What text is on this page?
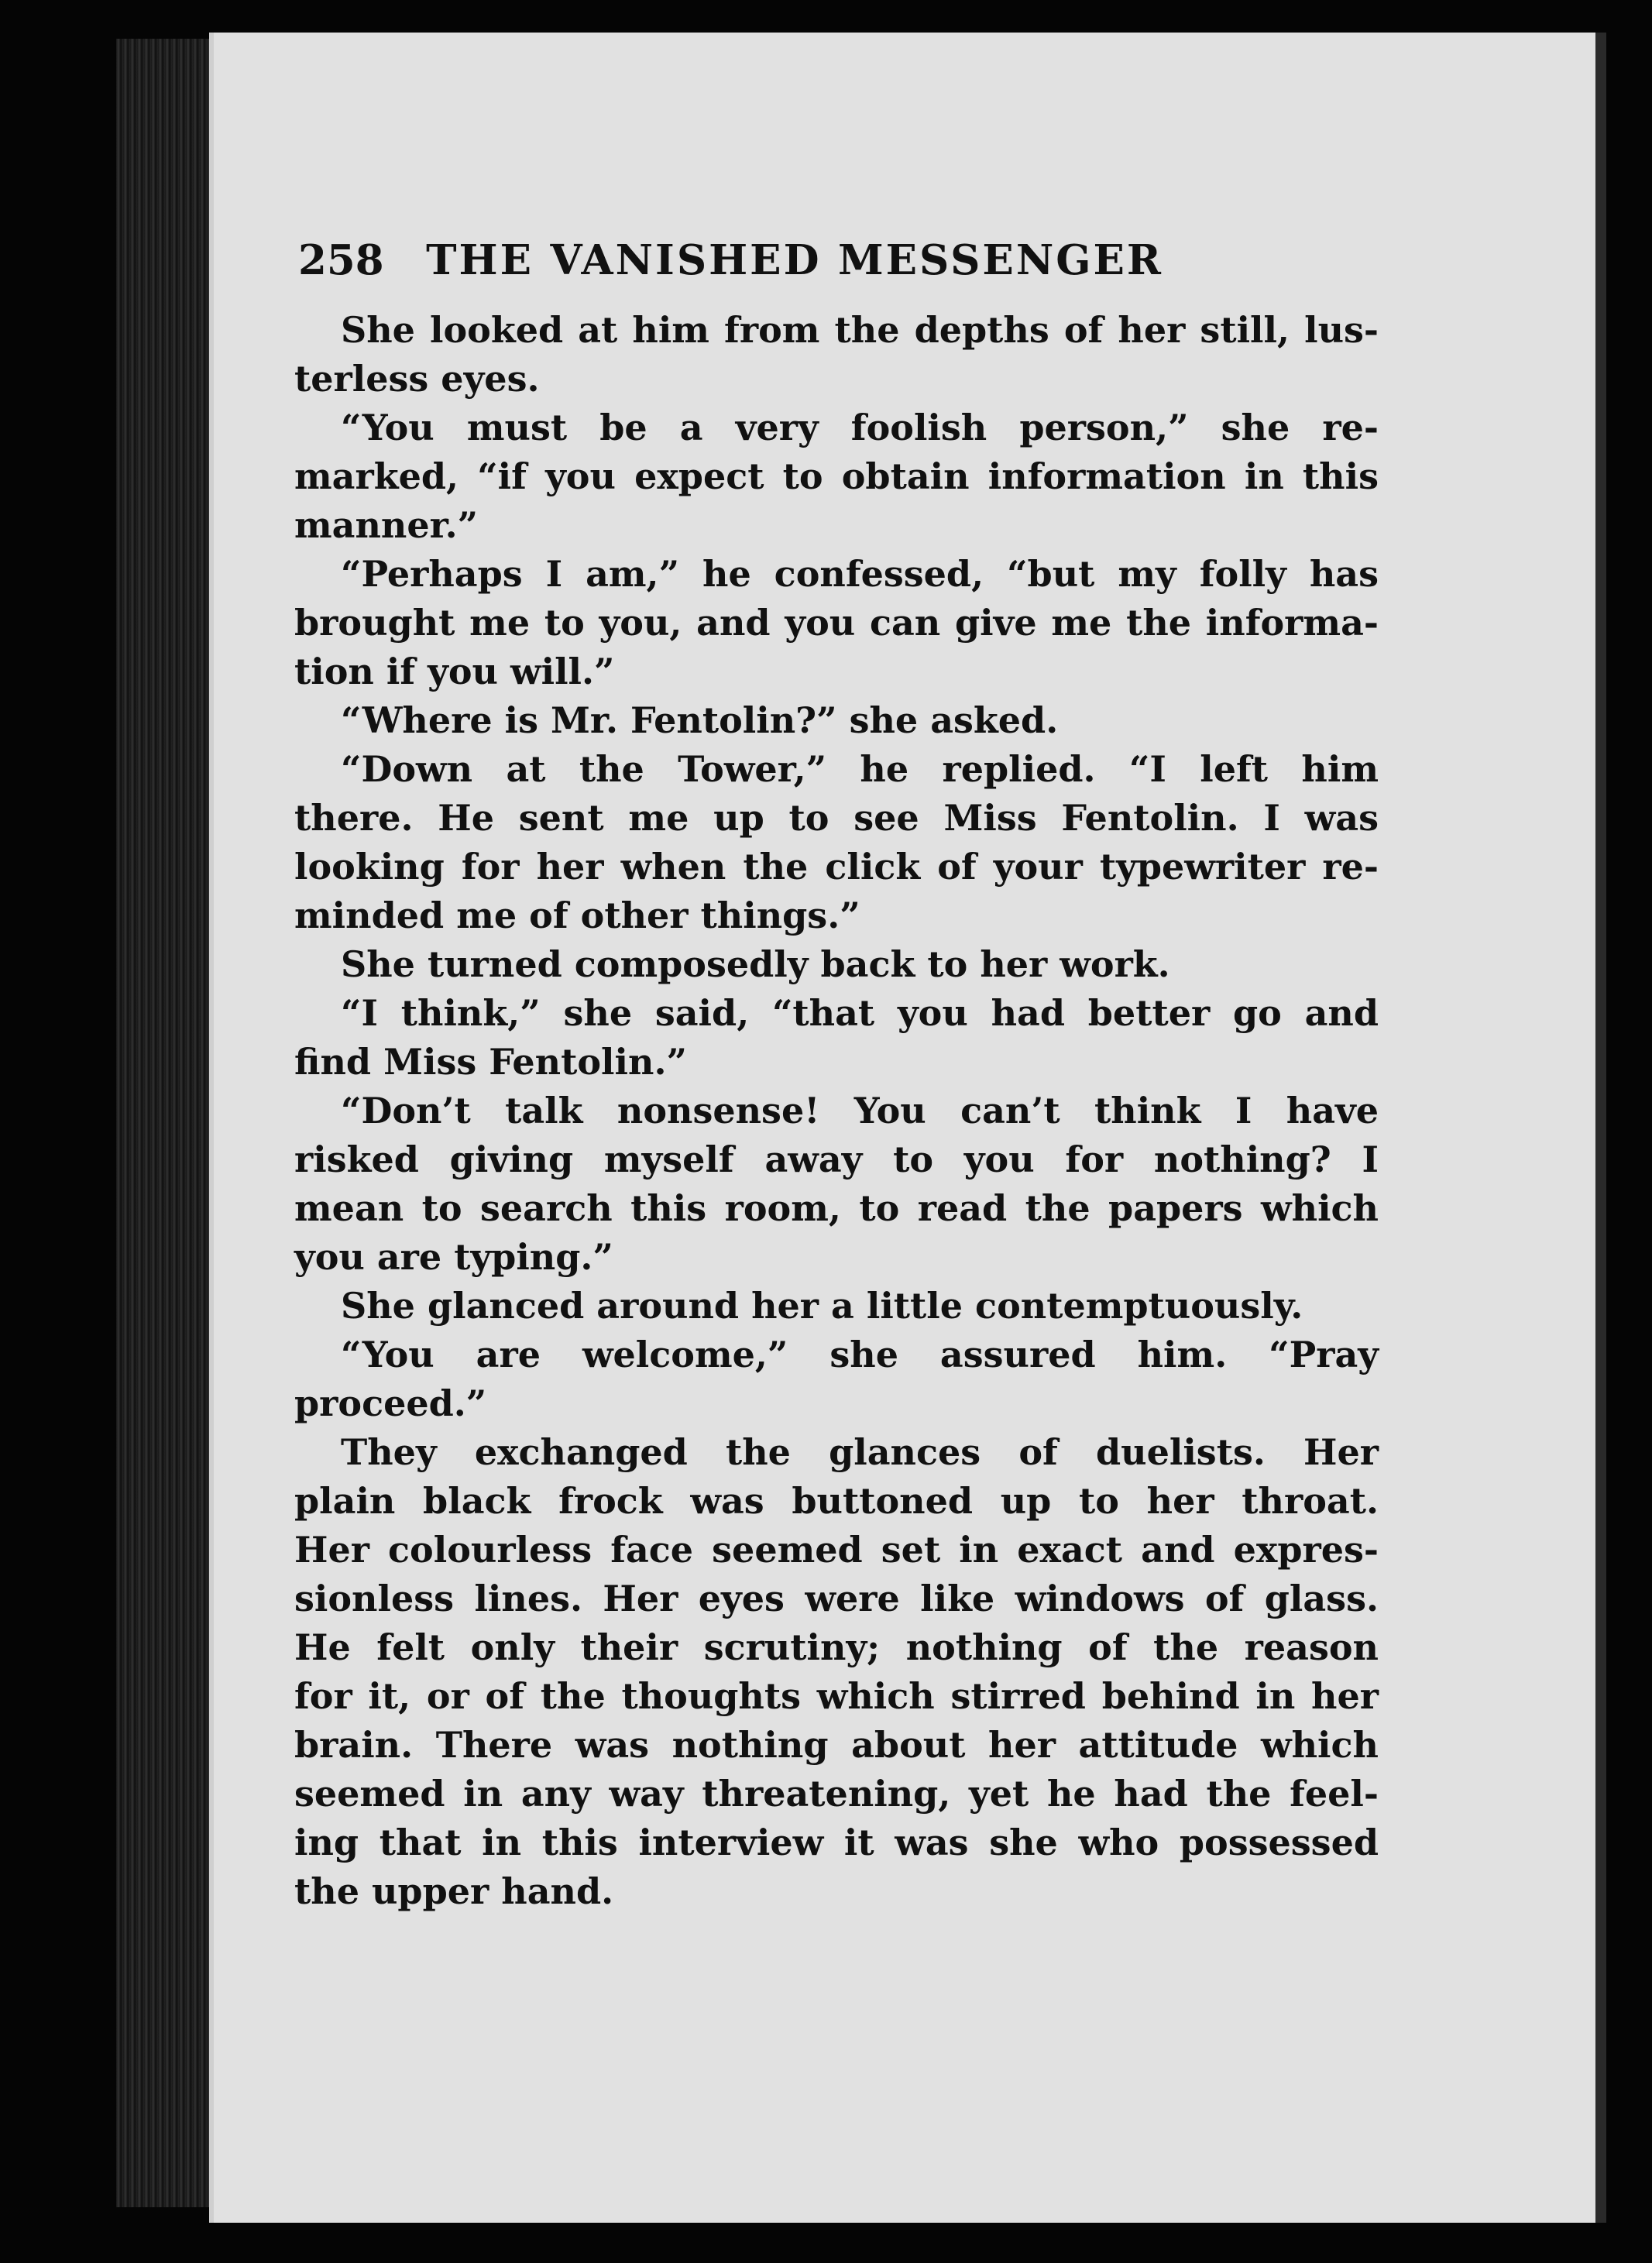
258 THE VANISHED MESSENGER
She looked at him from the depths of her still, lus-
terless eyes.
“You must be a very foolish person,” she re-
marked, “if you expect to obtain information in this
manner.”
“Perhaps I am,” he confessed, “but my folly has
brought me to you, and you can give me the informa-
tion if you will.”
“Where is Mr. Fentolin?” she asked.
“Down at the Tower,” he replied. “I left him
there. He sent me up to see Miss Fentolin. I was
looking for her when the click of your typewriter re-
minded me of other things.”
She turned composedly back to her work.
“I think,” she said, “that you had better go and
find Miss Fentolin.”
“Don’t talk nonsense! You can’t think I have
risked giving myself away to you for nothing? I
mean to search this room, to read the papers which
you are typing.”
She glanced around her a little contemptuously.
“You are welcome,” she assured him. “Pray
proceed.”
They exchanged the glances of duelists. Her
plain black frock was buttoned up to her throat.
Her colourless face seemed set in exact and expres-
sionless lines. Her eyes were like windows of glass.
He felt only their scrutiny; nothing of the reason
for it, or of the thoughts which stirred behind in her
brain. There was nothing about her attitude which
seemed in any way threatening, yet he had the feel-
ing that in this interview it was she who possessed
the upper hand.
